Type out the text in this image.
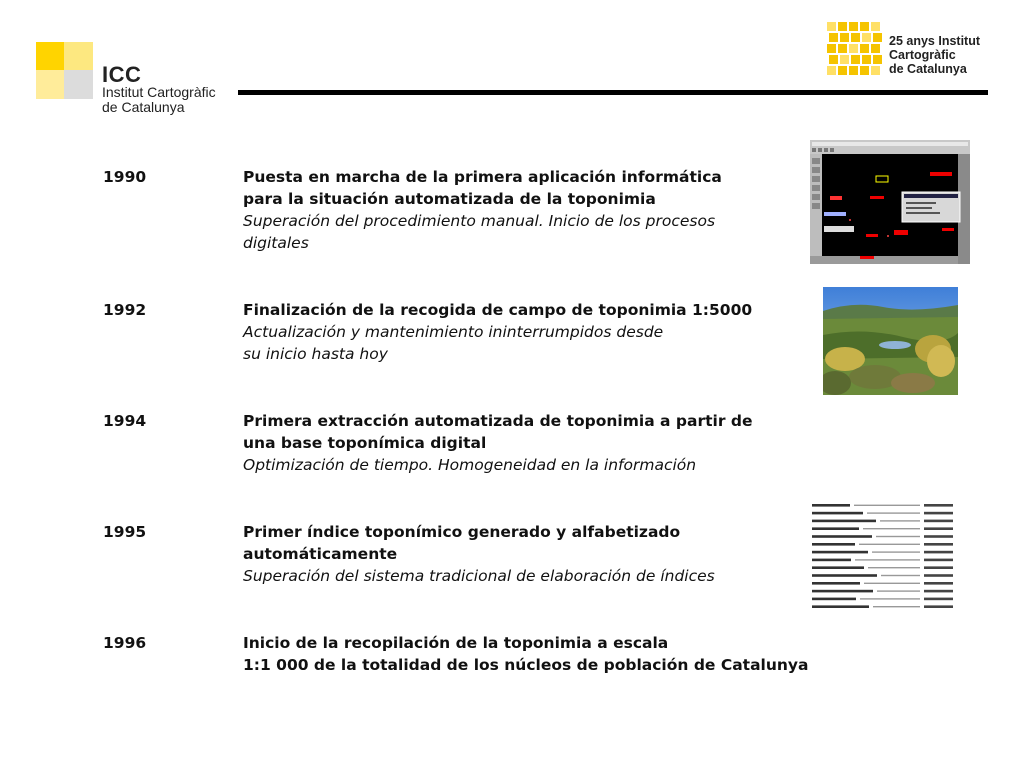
ICC
Institut Cartogràfic
de Catalunya
25 anys Institut
Cartogràfic
de Catalunya
1990	Puesta en marcha de la primera aplicación informática
para la situación automatizada de la toponimia
Superación del procedimiento manual. Inicio de los procesos
digitales
1992	Finalización de la recogida de campo de toponimia 1:5000
Actualización y mantenimiento ininterrumpidos desde
su inicio hasta hoy
1994	Primera extracción automatizada de toponimia a partir de
una base toponímica digital
Optimización de tiempo. Homogeneidad en la información
1995	Primer índice toponímico generado y alfabetizado
automáticamente
Superación del sistema tradicional de elaboración de índices
1996	Inicio de la recopilación de la toponimia a escala
1:1 000 de la totalidad de los núcleos de población de Catalunya
